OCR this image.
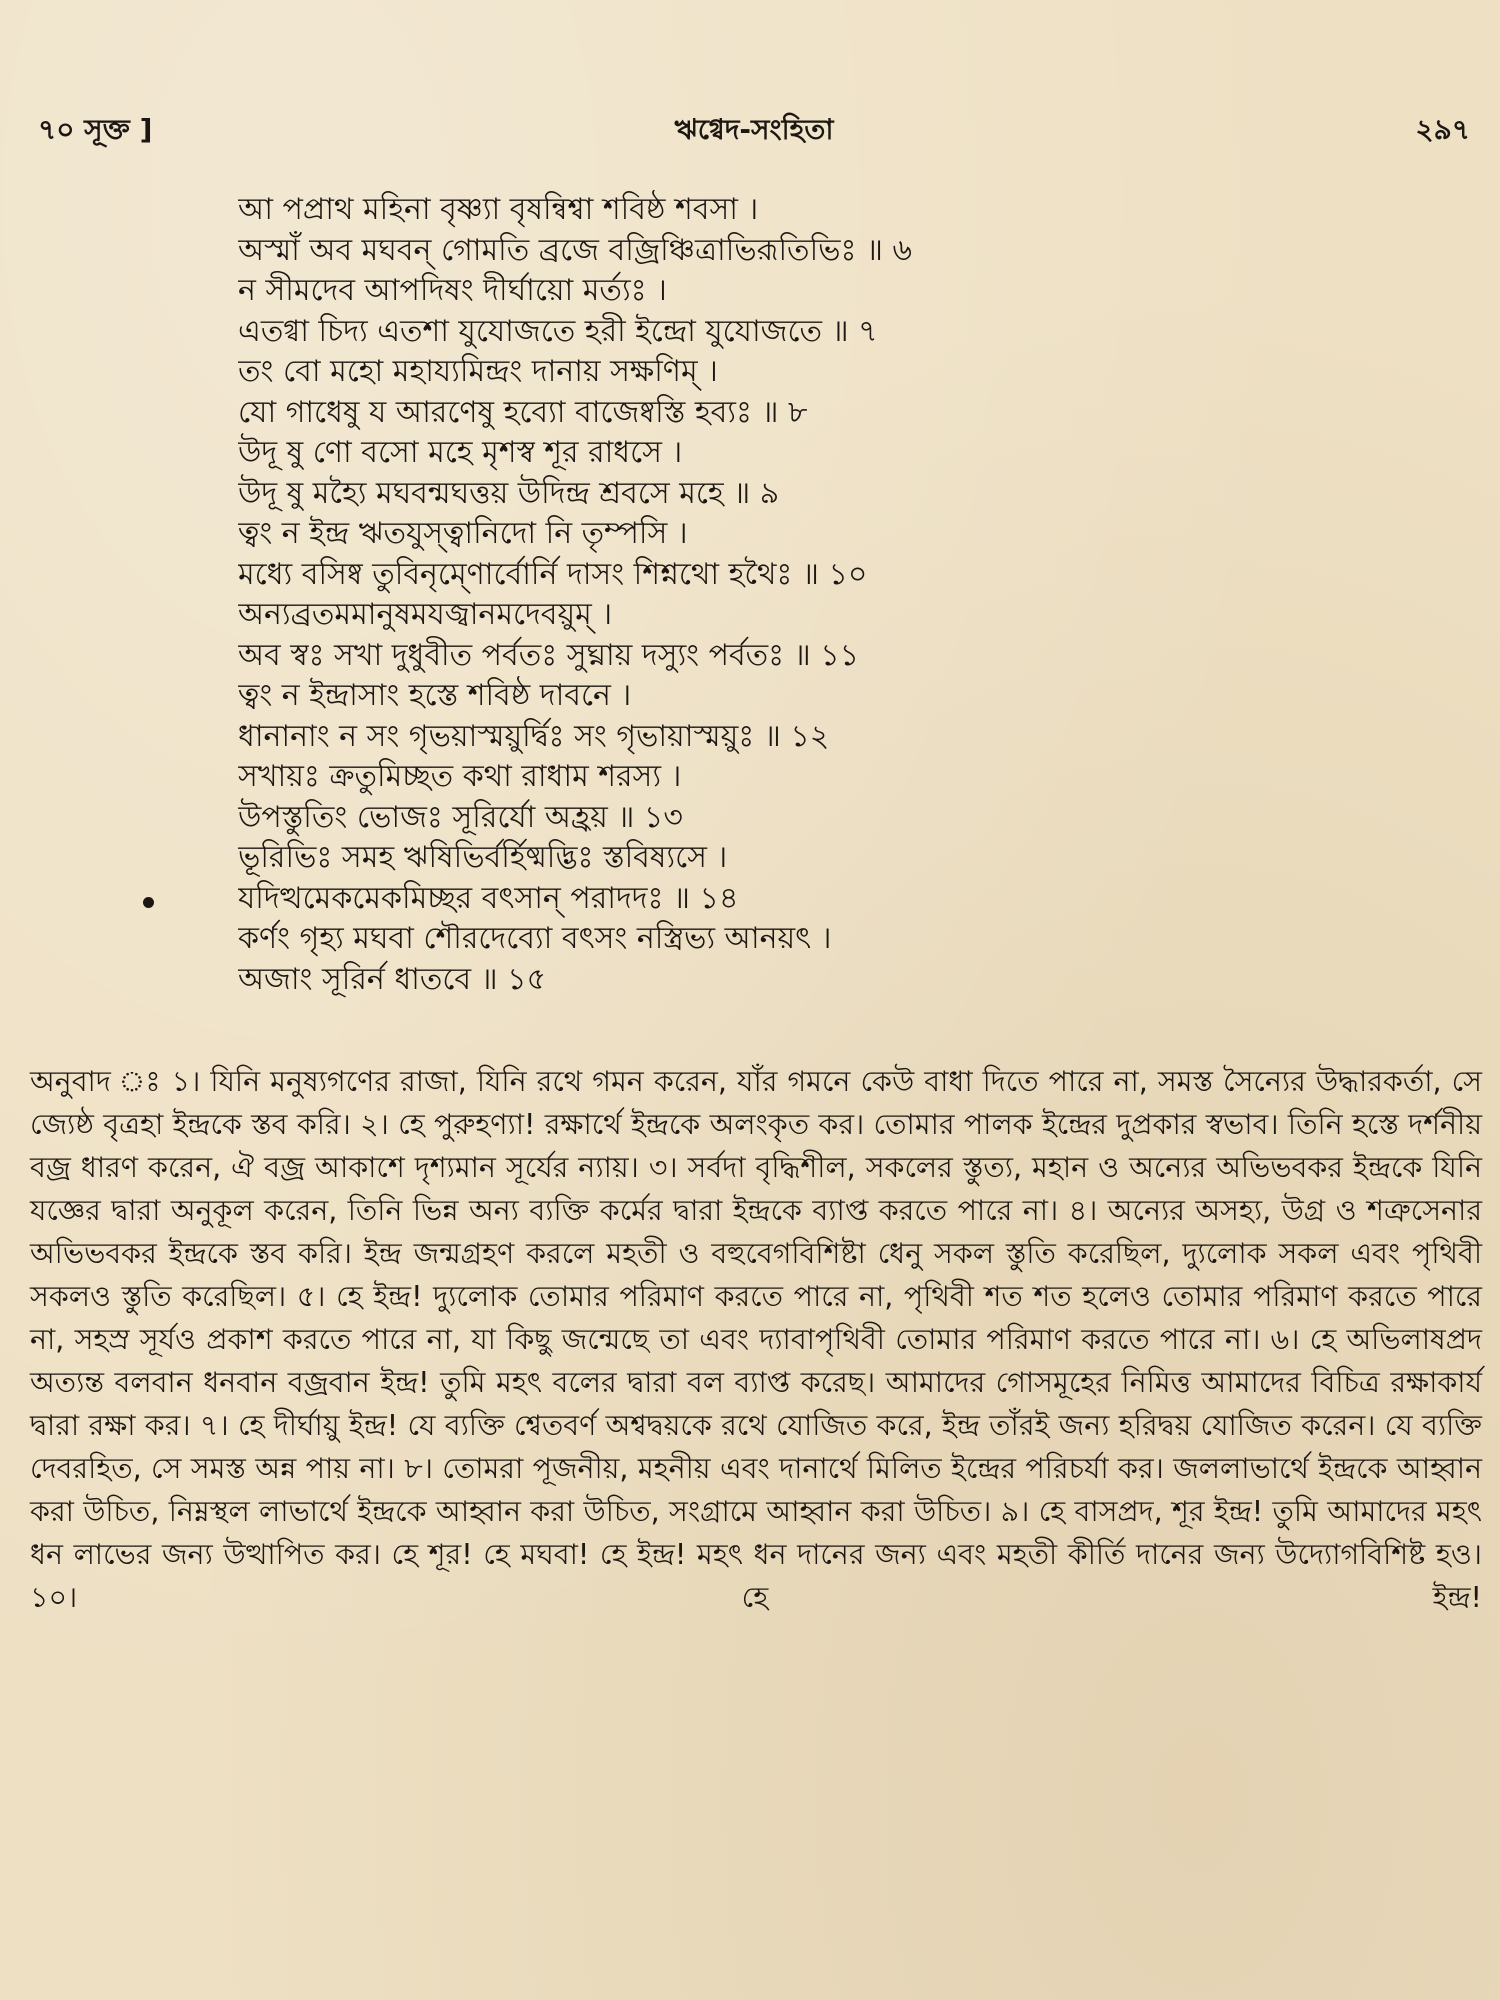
৭০ সূক্ত ]	ঋগ্বেদ-সংহিতা	২৯৭
আ পপ্রাথ মহিনা বৃষ্ণ্যা বৃষন্বিশ্বা শবিষ্ঠ শবসা ।
অস্মাঁ অব মঘবন্ গোমতি ব্রজে বজ্রিঞ্চিত্রাভিরূতিভিঃ ॥ ৬
ন সীমদেব আপদিষং দীর্ঘায়ো মর্ত্যঃ ।
এতগ্বা চিদ্য এতশা যুযোজতে হরী ইন্দ্রো যুযোজতে ॥ ৭
তং বো মহো মহায্যমিন্দ্রং দানায় সক্ষণিম্ ।
যো গাধেষু য আরণেষু হব্যো বাজেষ্বস্তি হব্যঃ ॥ ৮
উদূ ষু ণো বসো মহে মৃশস্ব শূর রাধসে ।
উদূ ষু মহ্যৈ মঘবন্মঘত্তয় উদিন্দ্র শ্রবসে মহে ॥ ৯
ত্বং ন ইন্দ্র ঋতযুস্ত্বানিদো নি তৃম্পসি ।
মধ্যে বসিষ্ব তুবিনৃম্ণোর্বোর্নি দাসং শিশ্নথো হথৈঃ ॥ ১০
অন্যব্রতমমানুষমযজ্বানমদেবয়ুম্ ।
অব স্বঃ সখা দুধুবীত পর্বতঃ সুঘ্নায় দস্যুং পর্বতঃ ॥ ১১
ত্বং ন ইন্দ্রাসাং হস্তে শবিষ্ঠ দাবনে ।
ধানানাং ন সং গৃভয়াস্ময়ুর্দ্বিঃ সং গৃভায়াস্ময়ুঃ ॥ ১২
সখায়ঃ ক্রতুমিচ্ছত কথা রাধাম শরস্য ।
উপস্তুতিং ভোজঃ সূরির্যো অহ্রয় ॥ ১৩
ভূরিভিঃ সমহ ঋষিভির্বর্হিষ্মদ্ভিঃ স্তবিষ্যসে ।
যদিত্থমেকমেকমিচ্ছর বৎসান্ পরাদদঃ ॥ ১৪
কর্ণং গৃহ্য মঘবা শৌরদেব্যো বৎসং নস্ত্রিভ্য আনয়ৎ ।
অজাং সূরির্ন ধাতবে ॥ ১৫

অনুবাদ ঃ ১। যিনি মনুষ্যগণের রাজা, যিনি রথে গমন করেন, যাঁর গমনে কেউ বাধা দিতে পারে না, সমস্ত সৈন্যের উদ্ধারকর্তা, সে জ্যেষ্ঠ বৃত্রহা ইন্দ্রকে স্তব করি। ২। হে পুরুহণ্যা! রক্ষার্থে ইন্দ্রকে অলংকৃত কর। তোমার পালক ইন্দ্রের দুপ্রকার স্বভাব। তিনি হস্তে দর্শনীয় বজ্র ধারণ করেন, ঐ বজ্র আকাশে দৃশ্যমান সূর্যের ন্যায়। ৩। সর্বদা বৃদ্ধিশীল, সকলের স্তুত্য, মহান ও অন্যের অভিভবকর ইন্দ্রকে যিনি যজ্ঞের দ্বারা অনুকূল করেন, তিনি ভিন্ন অন্য ব্যক্তি কর্মের দ্বারা ইন্দ্রকে ব্যাপ্ত করতে পারে না। ৪। অন্যের অসহ্য, উগ্র ও শত্রুসেনার অভিভবকর ইন্দ্রকে স্তব করি। ইন্দ্র জন্মগ্রহণ করলে মহতী ও বহুবেগবিশিষ্টা ধেনু সকল স্তুতি করেছিল, দ্যুলোক সকল এবং পৃথিবী সকলও স্তুতি করেছিল। ৫। হে ইন্দ্র! দ্যুলোক তোমার পরিমাণ করতে পারে না, পৃথিবী শত শত হলেও তোমার পরিমাণ করতে পারে না, সহস্র সূর্যও প্রকাশ করতে পারে না, যা কিছু জন্মেছে তা এবং দ্যাবাপৃথিবী তোমার পরিমাণ করতে পারে না। ৬। হে অভিলাষপ্রদ অত্যন্ত বলবান ধনবান বজ্রবান ইন্দ্র! তুমি মহৎ বলের দ্বারা বল ব্যাপ্ত করেছ। আমাদের গোসমূহের নিমিত্ত আমাদের বিচিত্র রক্ষাকার্য দ্বারা রক্ষা কর। ৭। হে দীর্ঘায়ু ইন্দ্র! যে ব্যক্তি শ্বেতবর্ণ অশ্বদ্বয়কে রথে যোজিত করে, ইন্দ্র তাঁরই জন্য হরিদ্বয় যোজিত করেন। যে ব্যক্তি দেবরহিত, সে সমস্ত অন্ন পায় না। ৮। তোমরা পূজনীয়, মহনীয় এবং দানার্থে মিলিত ইন্দ্রের পরিচর্যা কর। জললাভার্থে ইন্দ্রকে আহ্বান করা উচিত, নিম্নস্থল লাভার্থে ইন্দ্রকে আহ্বান করা উচিত, সংগ্রামে আহ্বান করা উচিত। ৯। হে বাসপ্রদ, শূর ইন্দ্র! তুমি আমাদের মহৎ ধন লাভের জন্য উত্থাপিত কর। হে শূর! হে মঘবা! হে ইন্দ্র! মহৎ ধন দানের জন্য এবং মহতী কীর্তি দানের জন্য উদ্যোগবিশিষ্ট হও। ১০। হে ইন্দ্র!
